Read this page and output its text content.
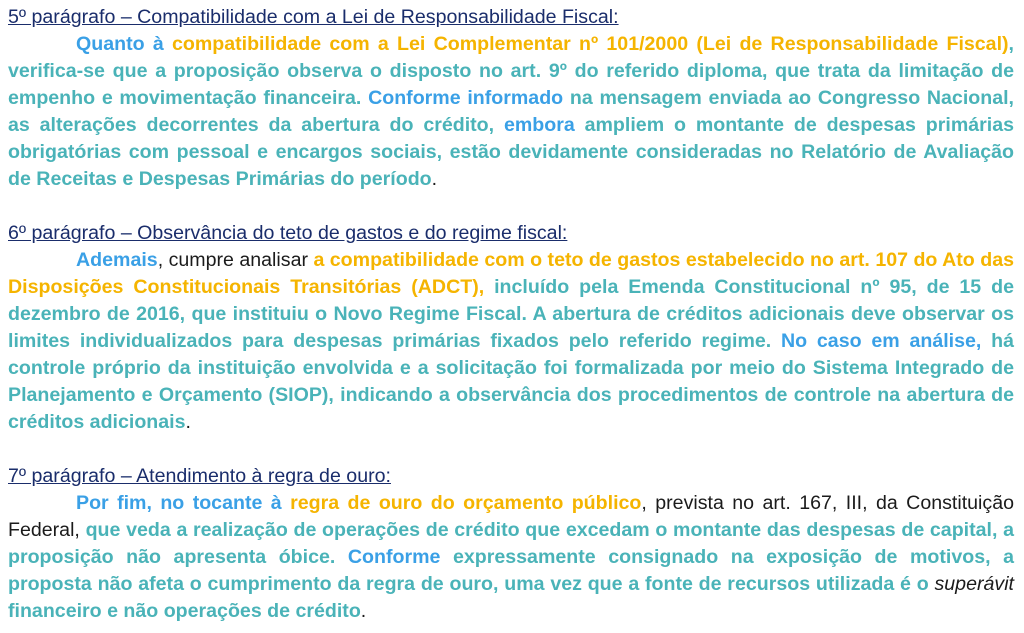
5º parágrafo – Compatibilidade com a Lei de Responsabilidade Fiscal:

Quanto à compatibilidade com a Lei Complementar nº 101/2000 (Lei de Responsabilidade Fiscal), verifica-se que a proposição observa o disposto no art. 9º do referido diploma, que trata da limitação de empenho e movimentação financeira. Conforme informado na mensagem enviada ao Congresso Nacional, as alterações decorrentes da abertura do crédito, embora ampliem o montante de despesas primárias obrigatórias com pessoal e encargos sociais, estão devidamente consideradas no Relatório de Avaliação de Receitas e Despesas Primárias do período.

6º parágrafo – Observância do teto de gastos e do regime fiscal:

Ademais, cumpre analisar a compatibilidade com o teto de gastos estabelecido no art. 107 do Ato das Disposições Constitucionais Transitórias (ADCT), incluído pela Emenda Constitucional nº 95, de 15 de dezembro de 2016, que instituiu o Novo Regime Fiscal. A abertura de créditos adicionais deve observar os limites individualizados para despesas primárias fixados pelo referido regime. No caso em análise, há controle próprio da instituição envolvida e a solicitação foi formalizada por meio do Sistema Integrado de Planejamento e Orçamento (SIOP), indicando a observância dos procedimentos de controle na abertura de créditos adicionais.

7º parágrafo – Atendimento à regra de ouro:

Por fim, no tocante à regra de ouro do orçamento público, prevista no art. 167, III, da Constituição Federal, que veda a realização de operações de crédito que excedam o montante das despesas de capital, a proposição não apresenta óbice. Conforme expressamente consignado na exposição de motivos, a proposta não afeta o cumprimento da regra de ouro, uma vez que a fonte de recursos utilizada é o superávit financeiro e não operações de crédito.
